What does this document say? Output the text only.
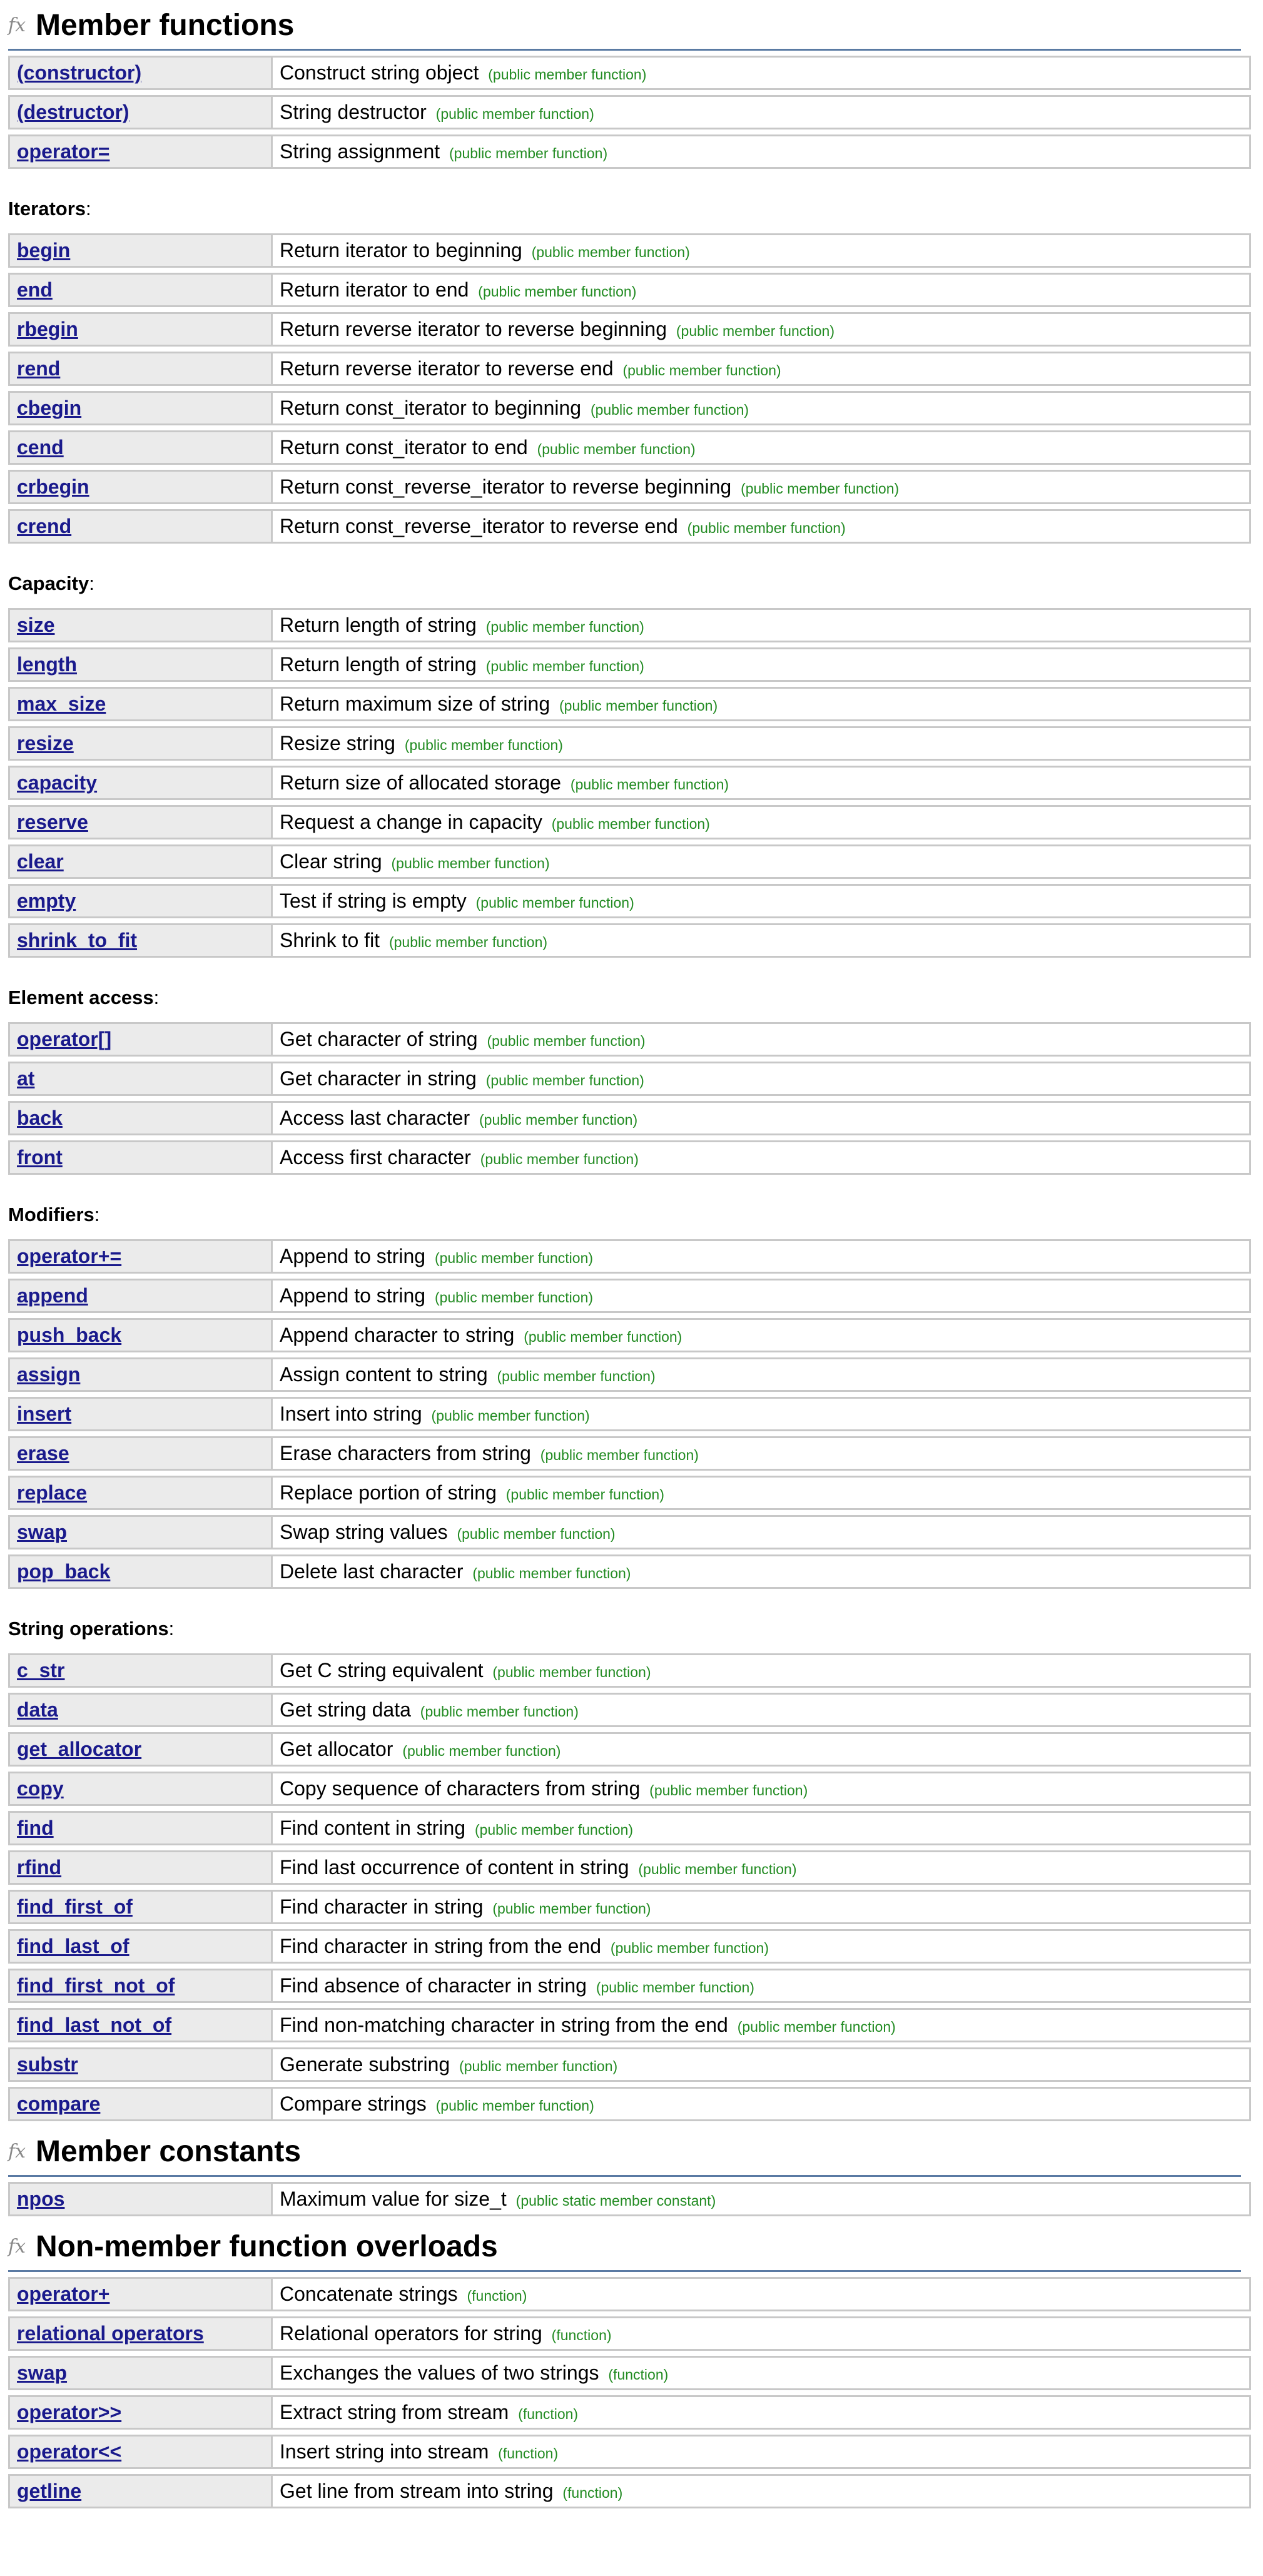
fx Member functions
(constructor)	Construct string object (public member function)
(destructor)	String destructor (public member function)
operator=	String assignment (public member function)
Iterators:
begin	Return iterator to beginning (public member function)
end	Return iterator to end (public member function)
rbegin	Return reverse iterator to reverse beginning (public member function)
rend	Return reverse iterator to reverse end (public member function)
cbegin	Return const_iterator to beginning (public member function)
cend	Return const_iterator to end (public member function)
crbegin	Return const_reverse_iterator to reverse beginning (public member function)
crend	Return const_reverse_iterator to reverse end (public member function)
Capacity:
size	Return length of string (public member function)
length	Return length of string (public member function)
max_size	Return maximum size of string (public member function)
resize	Resize string (public member function)
capacity	Return size of allocated storage (public member function)
reserve	Request a change in capacity (public member function)
clear	Clear string (public member function)
empty	Test if string is empty (public member function)
shrink_to_fit	Shrink to fit (public member function)
Element access:
operator[]	Get character of string (public member function)
at	Get character in string (public member function)
back	Access last character (public member function)
front	Access first character (public member function)
Modifiers:
operator+=	Append to string (public member function)
append	Append to string (public member function)
push_back	Append character to string (public member function)
assign	Assign content to string (public member function)
insert	Insert into string (public member function)
erase	Erase characters from string (public member function)
replace	Replace portion of string (public member function)
swap	Swap string values (public member function)
pop_back	Delete last character (public member function)
String operations:
c_str	Get C string equivalent (public member function)
data	Get string data (public member function)
get_allocator	Get allocator (public member function)
copy	Copy sequence of characters from string (public member function)
find	Find content in string (public member function)
rfind	Find last occurrence of content in string (public member function)
find_first_of	Find character in string (public member function)
find_last_of	Find character in string from the end (public member function)
find_first_not_of	Find absence of character in string (public member function)
find_last_not_of	Find non-matching character in string from the end (public member function)
substr	Generate substring (public member function)
compare	Compare strings (public member function)
fx Member constants
npos	Maximum value for size_t (public static member constant)
fx Non-member function overloads
operator+	Concatenate strings (function)
relational operators	Relational operators for string (function)
swap	Exchanges the values of two strings (function)
operator>>	Extract string from stream (function)
operator<<	Insert string into stream (function)
getline	Get line from stream into string (function)
